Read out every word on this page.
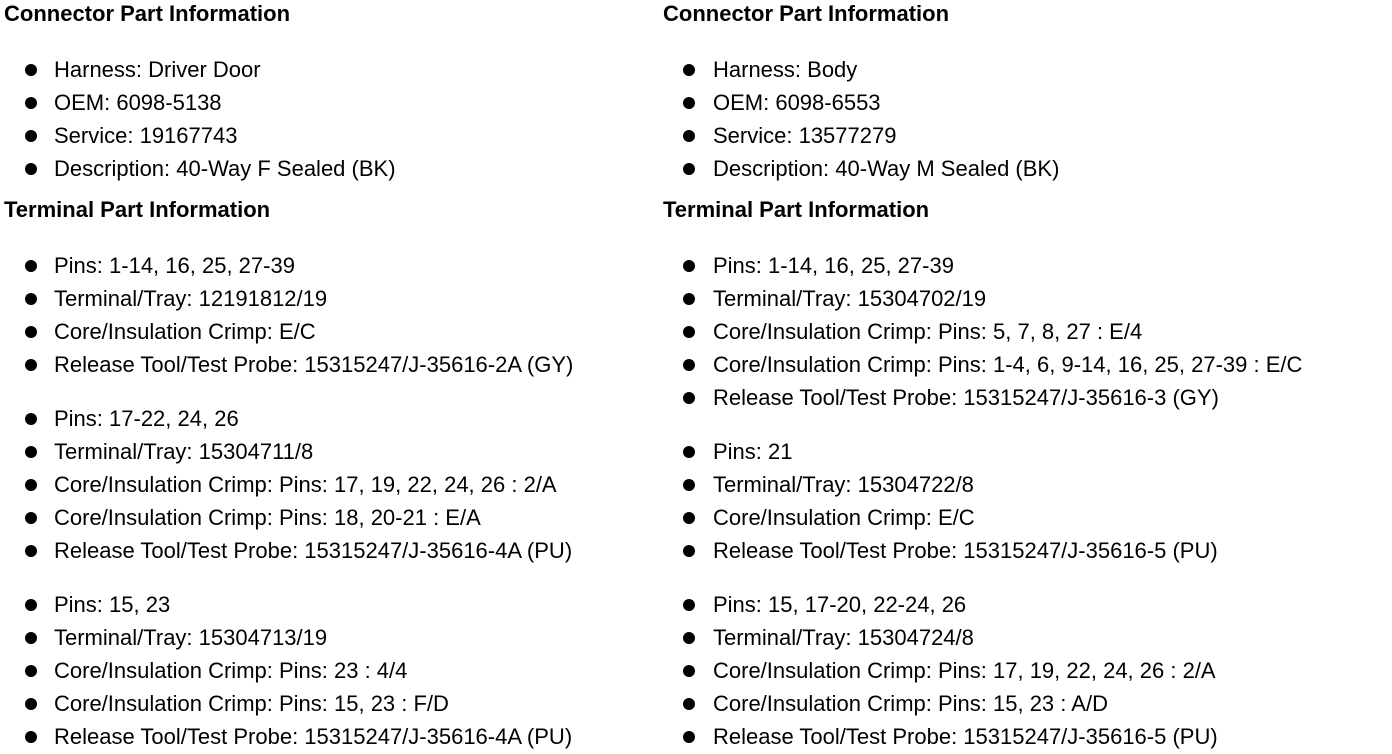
Connector Part Information
Harness: Driver Door
OEM: 6098-5138
Service: 19167743
Description: 40-Way F Sealed (BK)
Terminal Part Information
Pins: 1-14, 16, 25, 27-39
Terminal/Tray: 12191812/19
Core/Insulation Crimp: E/C
Release Tool/Test Probe: 15315247/J-35616-2A (GY)
Pins: 17-22, 24, 26
Terminal/Tray: 15304711/8
Core/Insulation Crimp: Pins: 17, 19, 22, 24, 26 : 2/A
Core/Insulation Crimp: Pins: 18, 20-21 : E/A
Release Tool/Test Probe: 15315247/J-35616-4A (PU)
Pins: 15, 23
Terminal/Tray: 15304713/19
Core/Insulation Crimp: Pins: 23 : 4/4
Core/Insulation Crimp: Pins: 15, 23 : F/D
Release Tool/Test Probe: 15315247/J-35616-4A (PU)
Connector Part Information
Harness: Body
OEM: 6098-6553
Service: 13577279
Description: 40-Way M Sealed (BK)
Terminal Part Information
Pins: 1-14, 16, 25, 27-39
Terminal/Tray: 15304702/19
Core/Insulation Crimp: Pins: 5, 7, 8, 27 : E/4
Core/Insulation Crimp: Pins: 1-4, 6, 9-14, 16, 25, 27-39 : E/C
Release Tool/Test Probe: 15315247/J-35616-3 (GY)
Pins: 21
Terminal/Tray: 15304722/8
Core/Insulation Crimp: E/C
Release Tool/Test Probe: 15315247/J-35616-5 (PU)
Pins: 15, 17-20, 22-24, 26
Terminal/Tray: 15304724/8
Core/Insulation Crimp: Pins: 17, 19, 22, 24, 26 : 2/A
Core/Insulation Crimp: Pins: 15, 23 : A/D
Release Tool/Test Probe: 15315247/J-35616-5 (PU)
